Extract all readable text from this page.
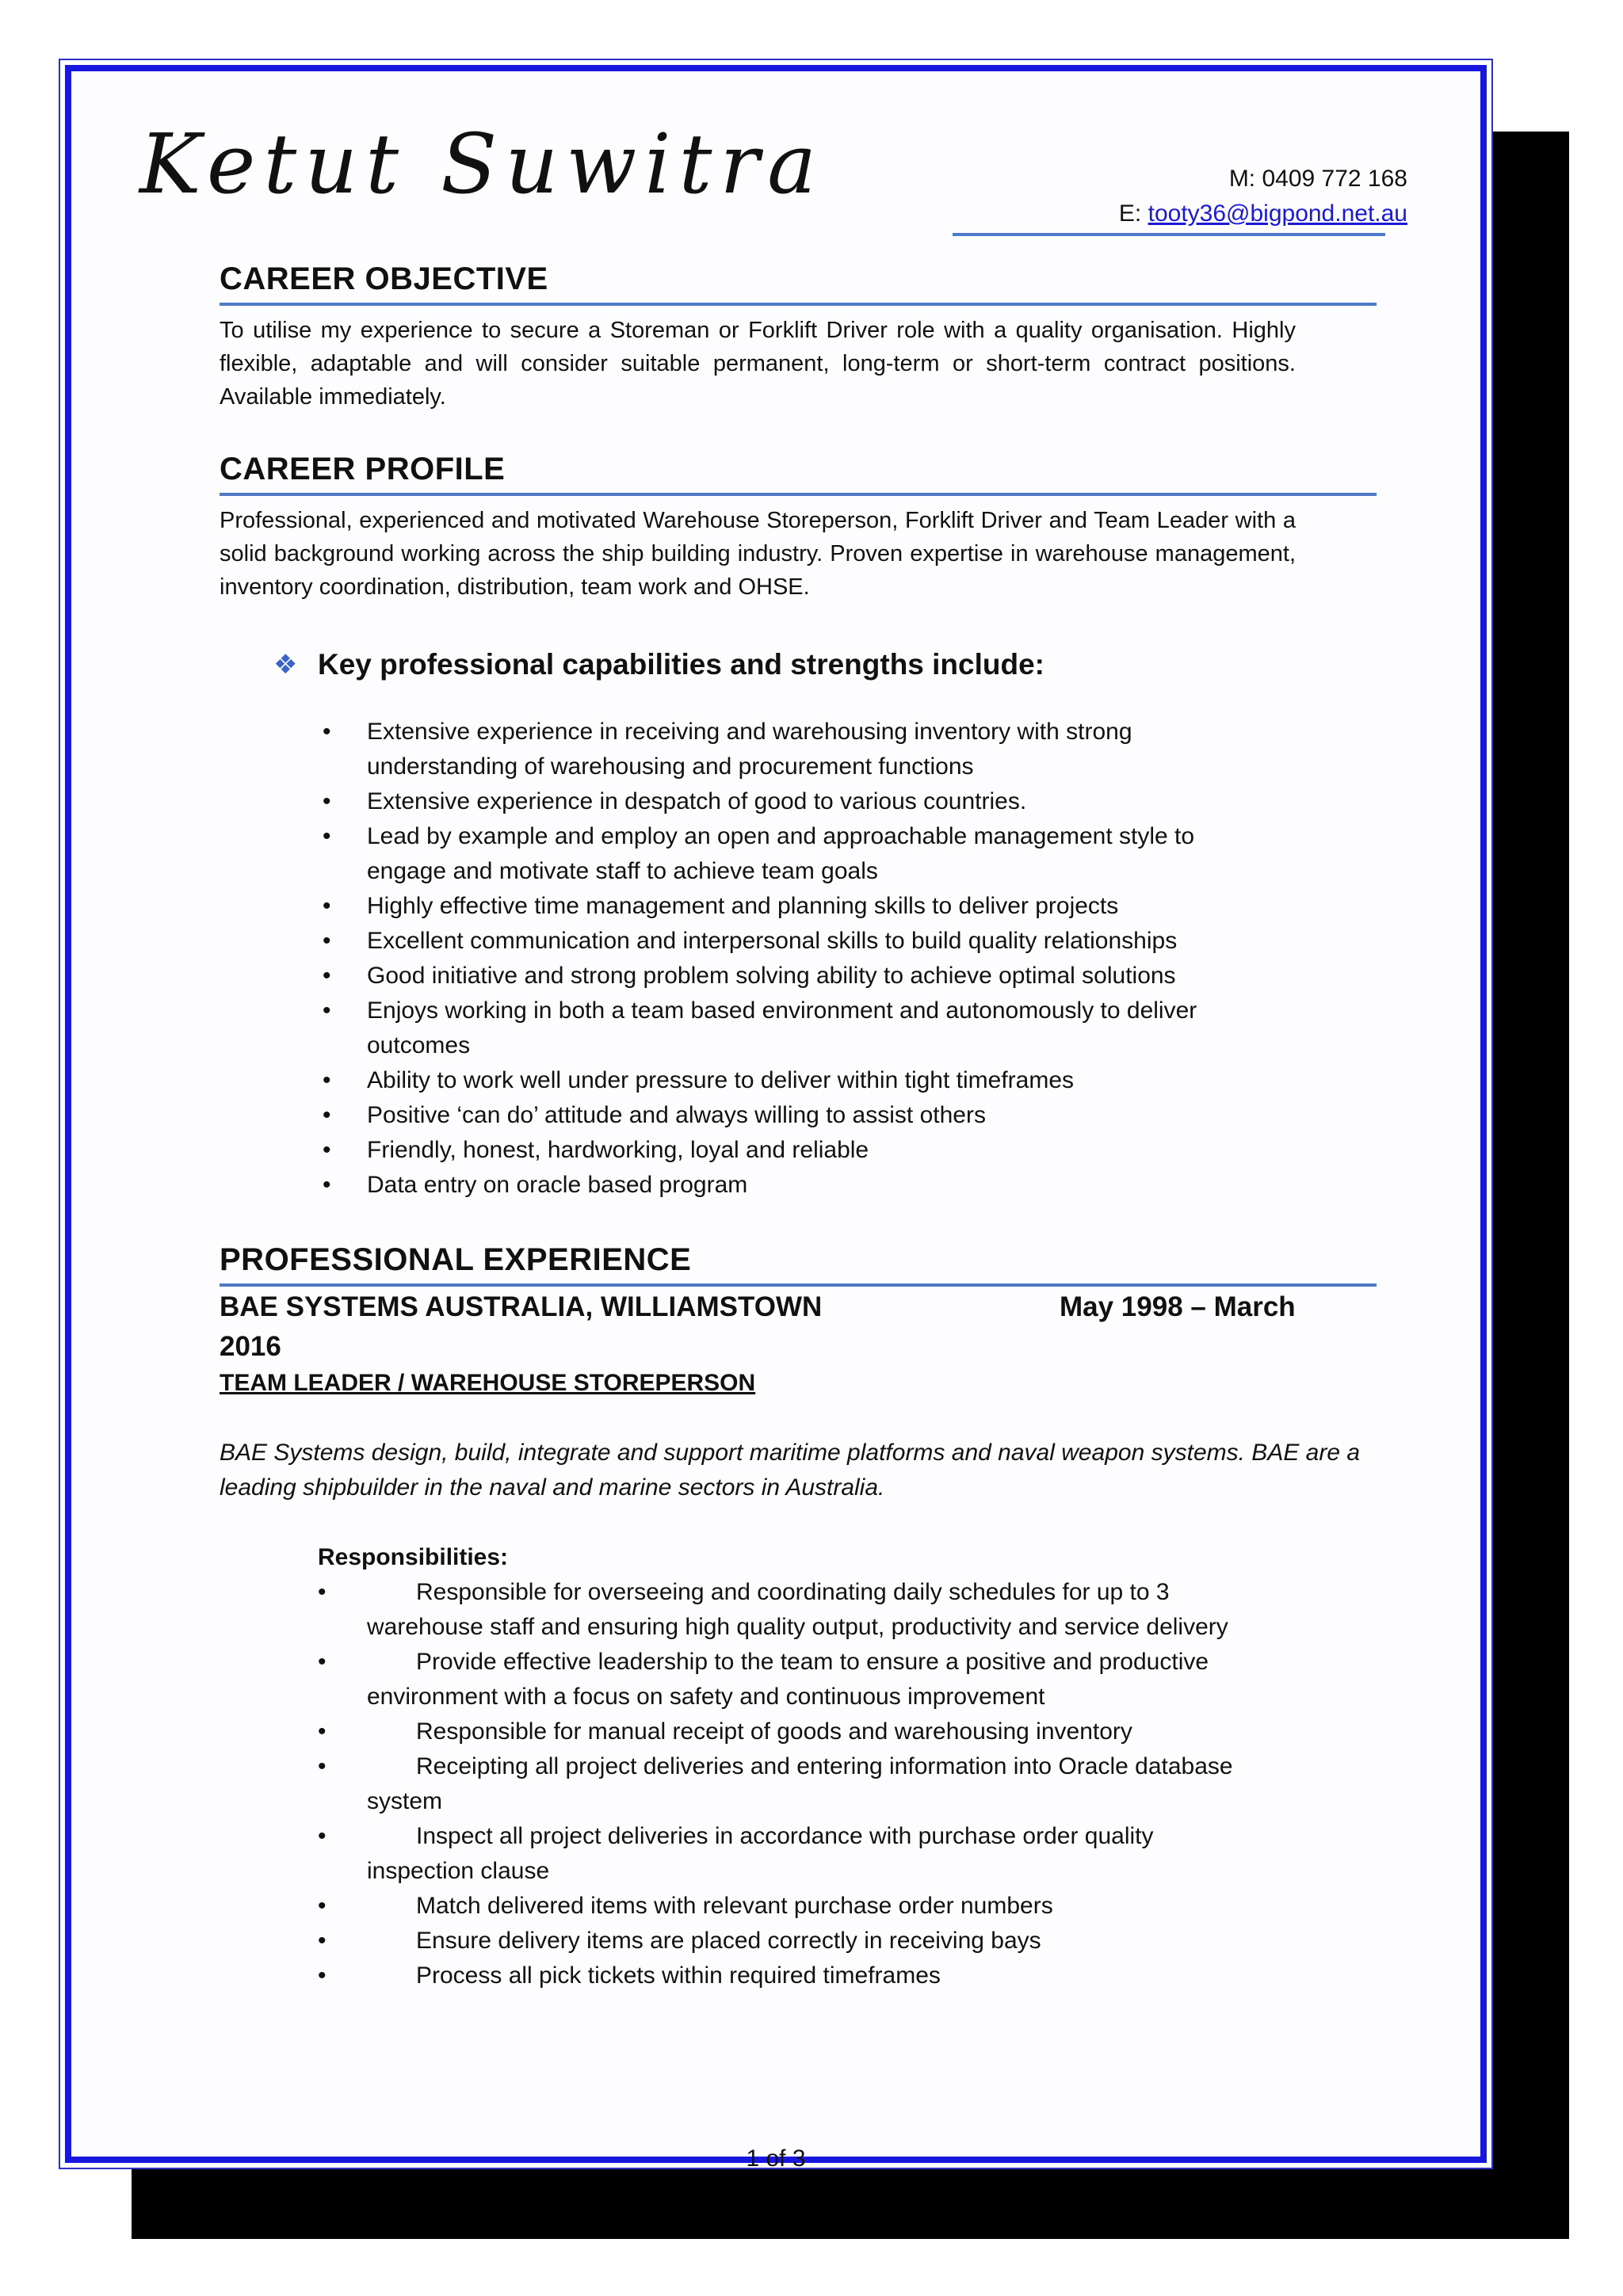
Ketut Suwitra	M: 0409 772 168
E: tooty36@bigpond.net.au
CAREER OBJECTIVE

To utilise my experience to secure a Storeman or Forklift Driver role with a quality organisation. Highly flexible, adaptable and will consider suitable permanent, long-term or short-term contract positions. Available immediately.

CAREER PROFILE

Professional, experienced and motivated Warehouse Storeperson, Forklift Driver and Team Leader with a solid background working across the ship building industry. Proven expertise in warehouse management, inventory coordination, distribution, team work and OHSE.

❖ Key professional capabilities and strengths include:
• Extensive experience in receiving and warehousing inventory with strong understanding of warehousing and procurement functions
• Extensive experience in despatch of good to various countries.
• Lead by example and employ an open and approachable management style to engage and motivate staff to achieve team goals
• Highly effective time management and planning skills to deliver projects
• Excellent communication and interpersonal skills to build quality relationships
• Good initiative and strong problem solving ability to achieve optimal solutions
• Enjoys working in both a team based environment and autonomously to deliver outcomes
• Ability to work well under pressure to deliver within tight timeframes
• Positive ‘can do’ attitude and always willing to assist others
• Friendly, honest, hardworking, loyal and reliable
• Data entry on oracle based program
PROFESSIONAL EXPERIENCE
BAE SYSTEMS AUSTRALIA, WILLIAMSTOWN	May 1998 – March
2016
TEAM LEADER / WAREHOUSE STOREPERSON
BAE Systems design, build, integrate and support maritime platforms and naval weapon systems. BAE are a leading shipbuilder in the naval and marine sectors in Australia.
Responsibilities:
•	Responsible for overseeing and coordinating daily schedules for up to 3
warehouse staff and ensuring high quality output, productivity and service delivery
•	Provide effective leadership to the team to ensure a positive and productive
environment with a focus on safety and continuous improvement
•	Responsible for manual receipt of goods and warehousing inventory
•	Receipting all project deliveries and entering information into Oracle database
system
•	Inspect all project deliveries in accordance with purchase order quality
inspection clause
•	Match delivered items with relevant purchase order numbers
•	Ensure delivery items are placed correctly in receiving bays
•	Process all pick tickets within required timeframes
1 of 3
